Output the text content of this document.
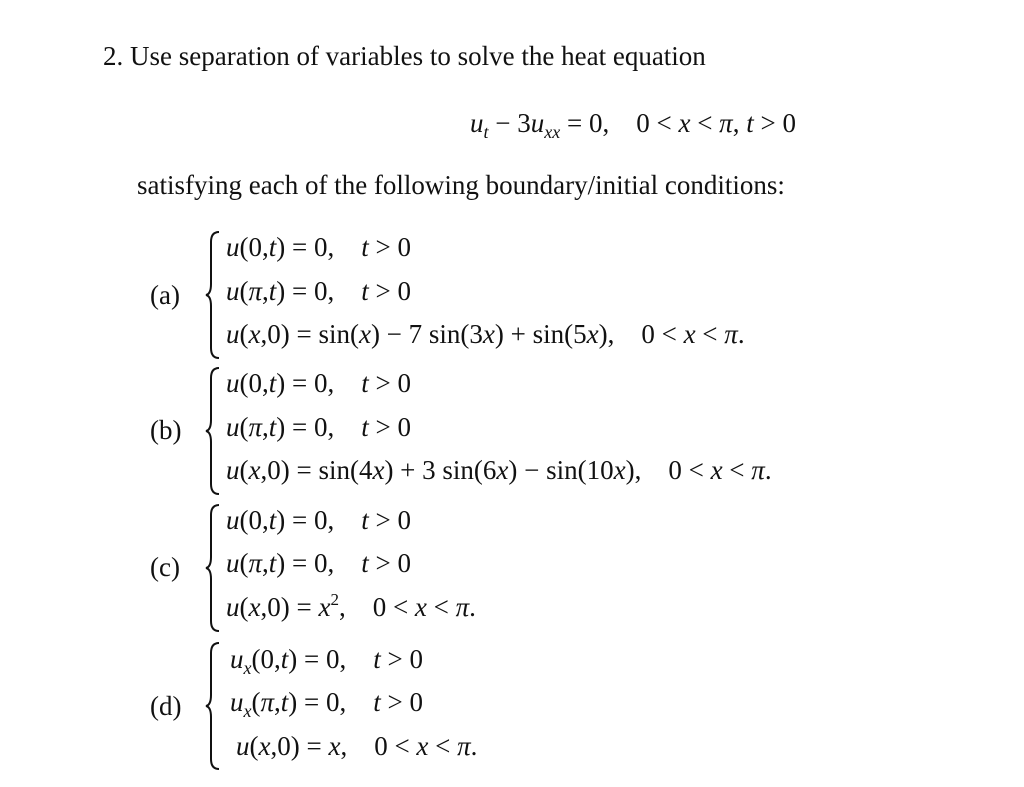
2. Use separation of variables to solve the heat equation
$u_t - 3u_{xx} = 0$,    0 < x < π, t > 0
satisfying each of the following boundary/initial conditions:
(a)
u(0,t) = 0,    t > 0
u(π,t) = 0,    t > 0
u(x,0) = sin(x) − 7 sin(3x) + sin(5x),    0 < x < π.
(b)
u(0,t) = 0,    t > 0
u(π,t) = 0,    t > 0
u(x,0) = sin(4x) + 3 sin(6x) − sin(10x),    0 < x < π.
(c)
u(0,t) = 0,    t > 0
u(π,t) = 0,    t > 0
$u(x,0) = x^2$,    0 < x < π.
(d)
$u_x(0,t) = 0$,    t > 0
$u_x(\pi,t) = 0$,    t > 0
u(x,0) = x,    0 < x < π.
